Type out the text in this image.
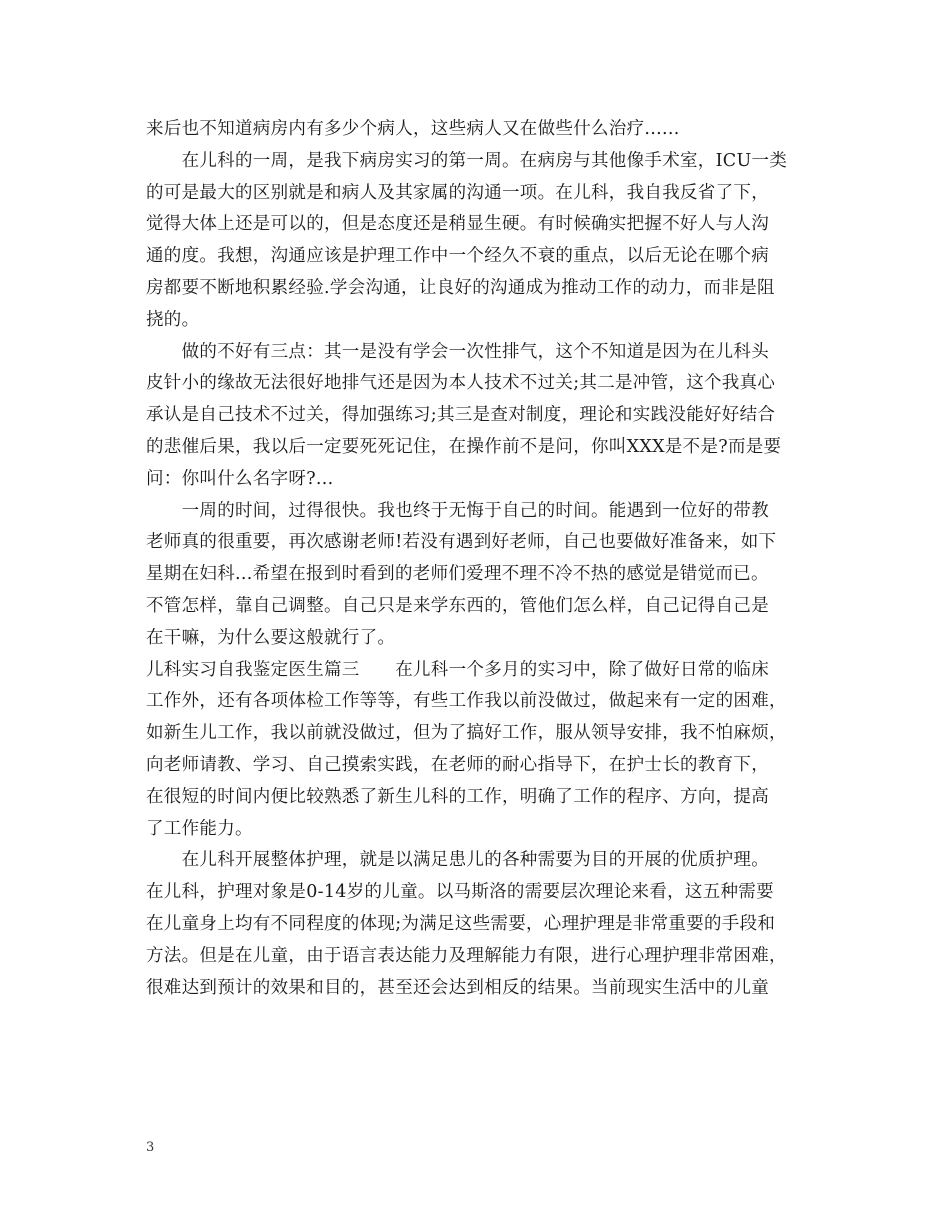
来后也不知道病房内有多少个病人，这些病人又在做些什么治疗......
　　在儿科的一周，是我下病房实习的第一周。在病房与其他像手术室，ICU一类
的可是最大的区别就是和病人及其家属的沟通一项。在儿科，我自我反省了下，
觉得大体上还是可以的，但是态度还是稍显生硬。有时候确实把握不好人与人沟
通的度。我想，沟通应该是护理工作中一个经久不衰的重点，以后无论在哪个病
房都要不断地积累经验.学会沟通，让良好的沟通成为推动工作的动力，而非是阻
挠的。
　　做的不好有三点：其一是没有学会一次性排气，这个不知道是因为在儿科头
皮针小的缘故无法很好地排气还是因为本人技术不过关;其二是冲管，这个我真心
承认是自己技术不过关，得加强练习;其三是查对制度，理论和实践没能好好结合
的悲催后果，我以后一定要死死记住，在操作前不是问，你叫XXX是不是?而是要
问：你叫什么名字呀?...
　　一周的时间，过得很快。我也终于无悔于自己的时间。能遇到一位好的带教
老师真的很重要，再次感谢老师!若没有遇到好老师，自己也要做好准备来，如下
星期在妇科...希望在报到时看到的老师们爱理不理不冷不热的感觉是错觉而已。
不管怎样，靠自己调整。自己只是来学东西的，管他们怎么样，自己记得自己是
在干嘛，为什么要这般就行了。
儿科实习自我鉴定医生篇三　　在儿科一个多月的实习中，除了做好日常的临床
工作外，还有各项体检工作等等，有些工作我以前没做过，做起来有一定的困难，
如新生儿工作，我以前就没做过，但为了搞好工作，服从领导安排，我不怕麻烦，
向老师请教、学习、自己摸索实践，在老师的耐心指导下，在护士长的教育下，
在很短的时间内便比较熟悉了新生儿科的工作，明确了工作的程序、方向，提高
了工作能力。
　　在儿科开展整体护理，就是以满足患儿的各种需要为目的开展的优质护理。
在儿科，护理对象是0-14岁的儿童。以马斯洛的需要层次理论来看，这五种需要
在儿童身上均有不同程度的体现;为满足这些需要，心理护理是非常重要的手段和
方法。但是在儿童，由于语言表达能力及理解能力有限，进行心理护理非常困难，
很难达到预计的效果和目的，甚至还会达到相反的结果。当前现实生活中的儿童
3
